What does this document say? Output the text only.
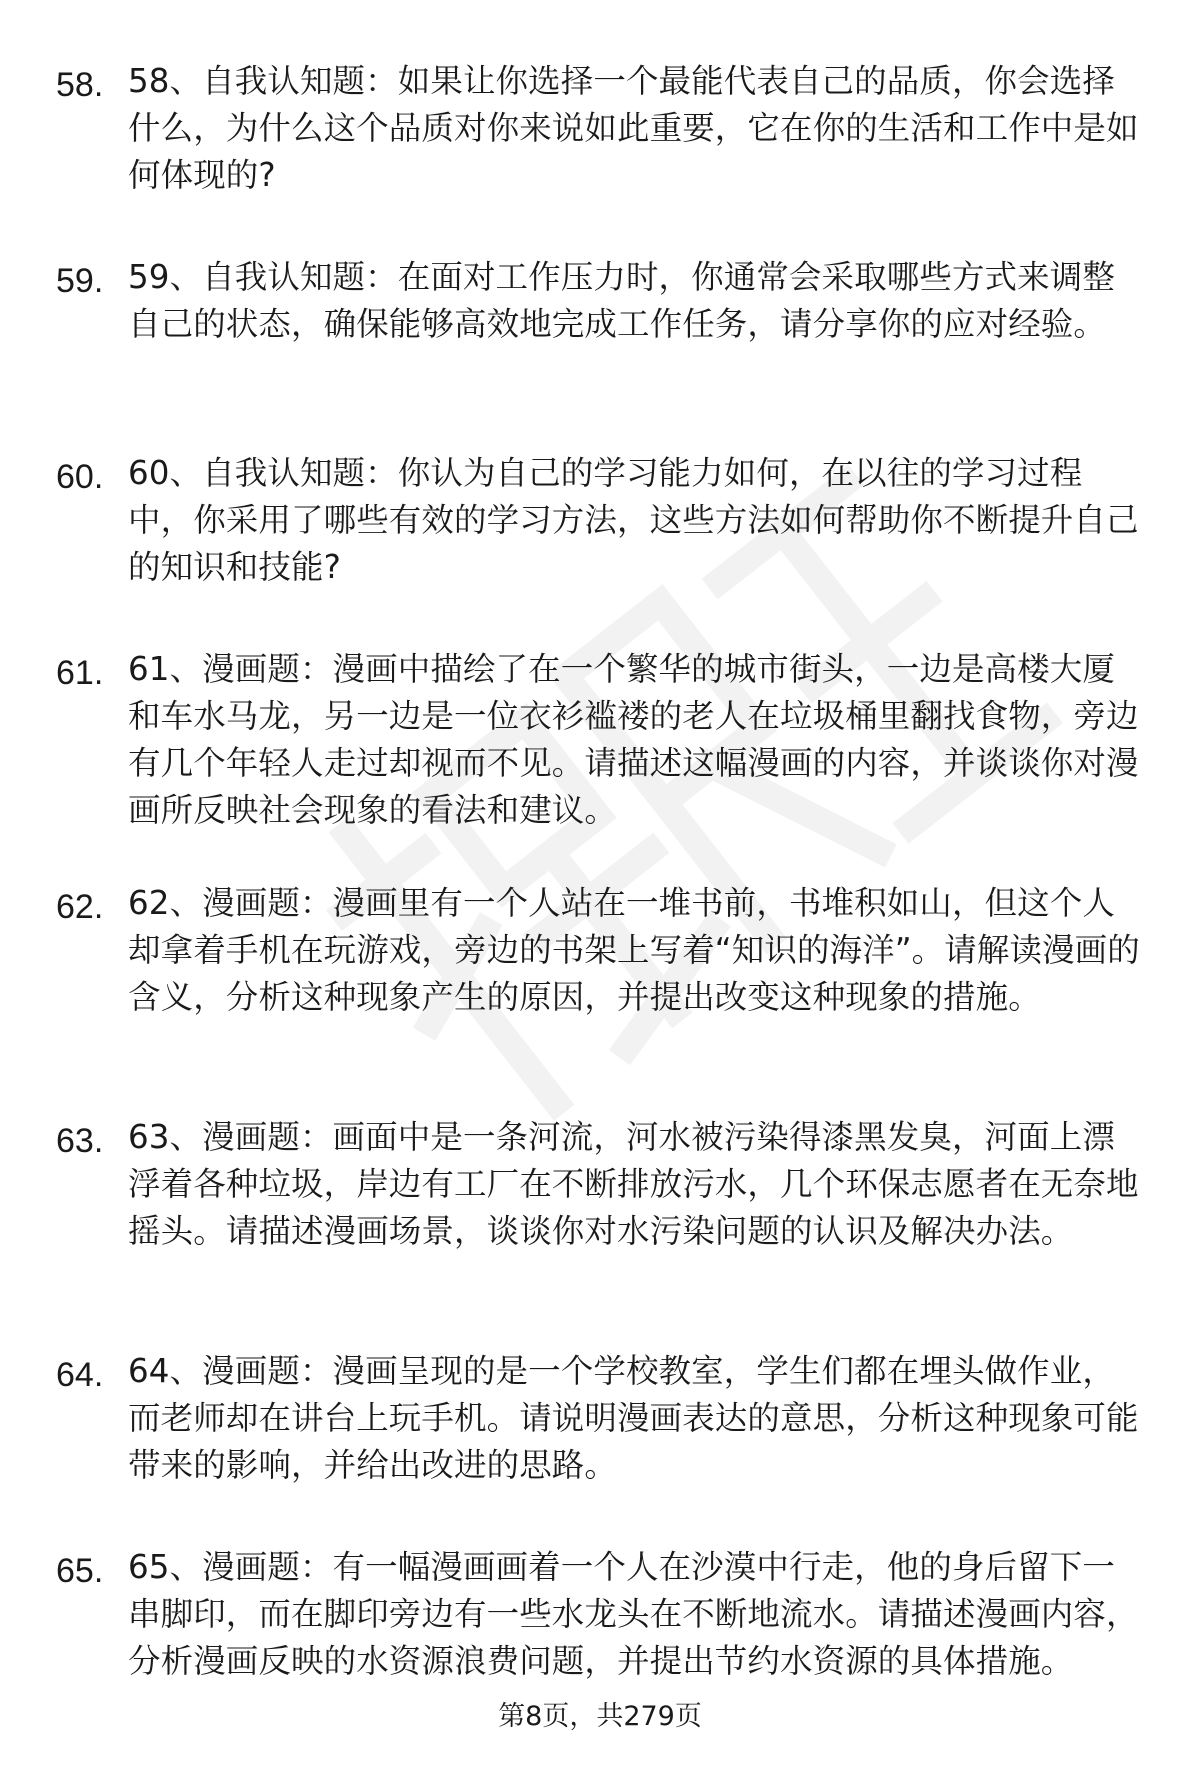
58. 58、自我认知题：如果让你选择一个最能代表自己的品质，你会选择什么，为什么这个品质对你来说如此重要，它在你的生活和工作中是如何体现的?
59. 59、自我认知题：在面对工作压力时，你通常会采取哪些方式来调整自己的状态，确保能够高效地完成工作任务，请分享你的应对经验。
60. 60、自我认知题：你认为自己的学习能力如何，在以往的学习过程中，你采用了哪些有效的学习方法，这些方法如何帮助你不断提升自己的知识和技能?
61. 61、漫画题：漫画中描绘了在一个繁华的城市街头，一边是高楼大厦和车水马龙，另一边是一位衣衫褴褛的老人在垃圾桶里翻找食物，旁边有几个年轻人走过却视而不见。请描述这幅漫画的内容，并谈谈你对漫画所反映社会现象的看法和建议。
62. 62、漫画题：漫画里有一个人站在一堆书前，书堆积如山，但这个人却拿着手机在玩游戏，旁边的书架上写着“知识的海洋”。请解读漫画的含义，分析这种现象产生的原因，并提出改变这种现象的措施。
63. 63、漫画题：画面中是一条河流，河水被污染得漆黑发臭，河面上漂浮着各种垃圾，岸边有工厂在不断排放污水，几个环保志愿者在无奈地摇头。请描述漫画场景，谈谈你对水污染问题的认识及解决办法。
64. 64、漫画题：漫画呈现的是一个学校教室，学生们都在埋头做作业，而老师却在讲台上玩手机。请说明漫画表达的意思，分析这种现象可能带来的影响，并给出改进的思路。
65. 65、漫画题：有一幅漫画画着一个人在沙漠中行走，他的身后留下一串脚印，而在脚印旁边有一些水龙头在不断地流水。请描述漫画内容，分析漫画反映的水资源浪费问题，并提出节约水资源的具体措施。
第8页，共279页
